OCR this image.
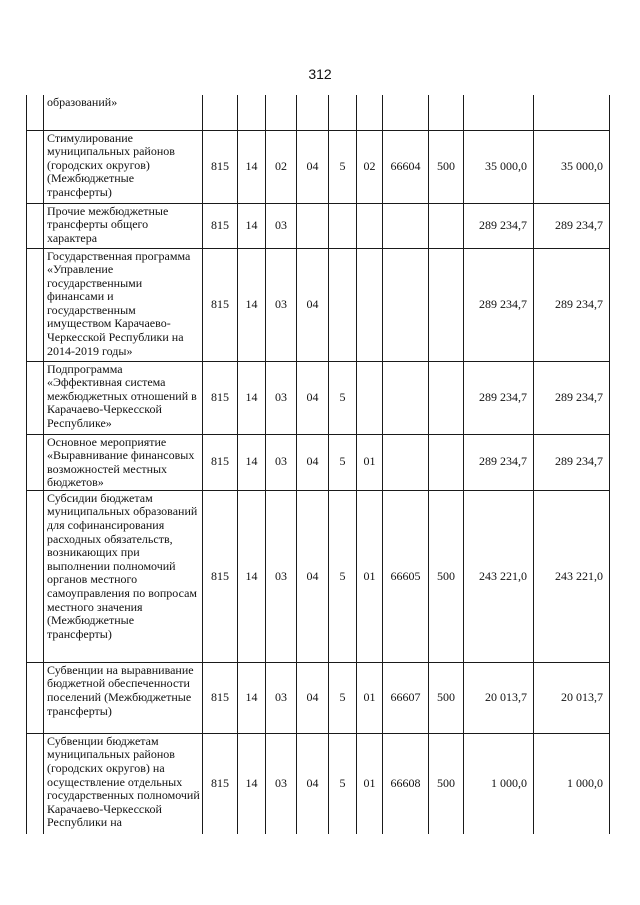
312
	образований»										
	Стимулирование муниципальных районов (городских округов) (Межбюджетные трансферты)	815	14	02	04	5	02	66604	500	35 000,0	35 000,0
	Прочие межбюджетные трансферты общего характера	815	14	03						289 234,7	289 234,7
	Государственная программа «Управление государственными финансами и государственным имуществом Карачаево-Черкесской Республики на 2014-2019 годы»	815	14	03	04					289 234,7	289 234,7
	Подпрограмма «Эффективная система межбюджетных отношений в Карачаево-Черкесской Республике»	815	14	03	04	5				289 234,7	289 234,7
	Основное мероприятие «Выравнивание финансовых возможностей местных бюджетов»	815	14	03	04	5	01			289 234,7	289 234,7
	Субсидии бюджетам муниципальных образований для софинансирования расходных обязательств, возникающих при выполнении полномочий органов местного самоуправления по вопросам местного значения (Межбюджетные трансферты)	815	14	03	04	5	01	66605	500	243 221,0	243 221,0
	Субвенции на выравнивание бюджетной обеспеченности поселений (Межбюджетные трансферты)	815	14	03	04	5	01	66607	500	20 013,7	20 013,7
	Субвенции бюджетам муниципальных районов (городских округов) на осуществление отдельных государственных полномочий Карачаево-Черкесской Республики на	815	14	03	04	5	01	66608	500	1 000,0	1 000,0
